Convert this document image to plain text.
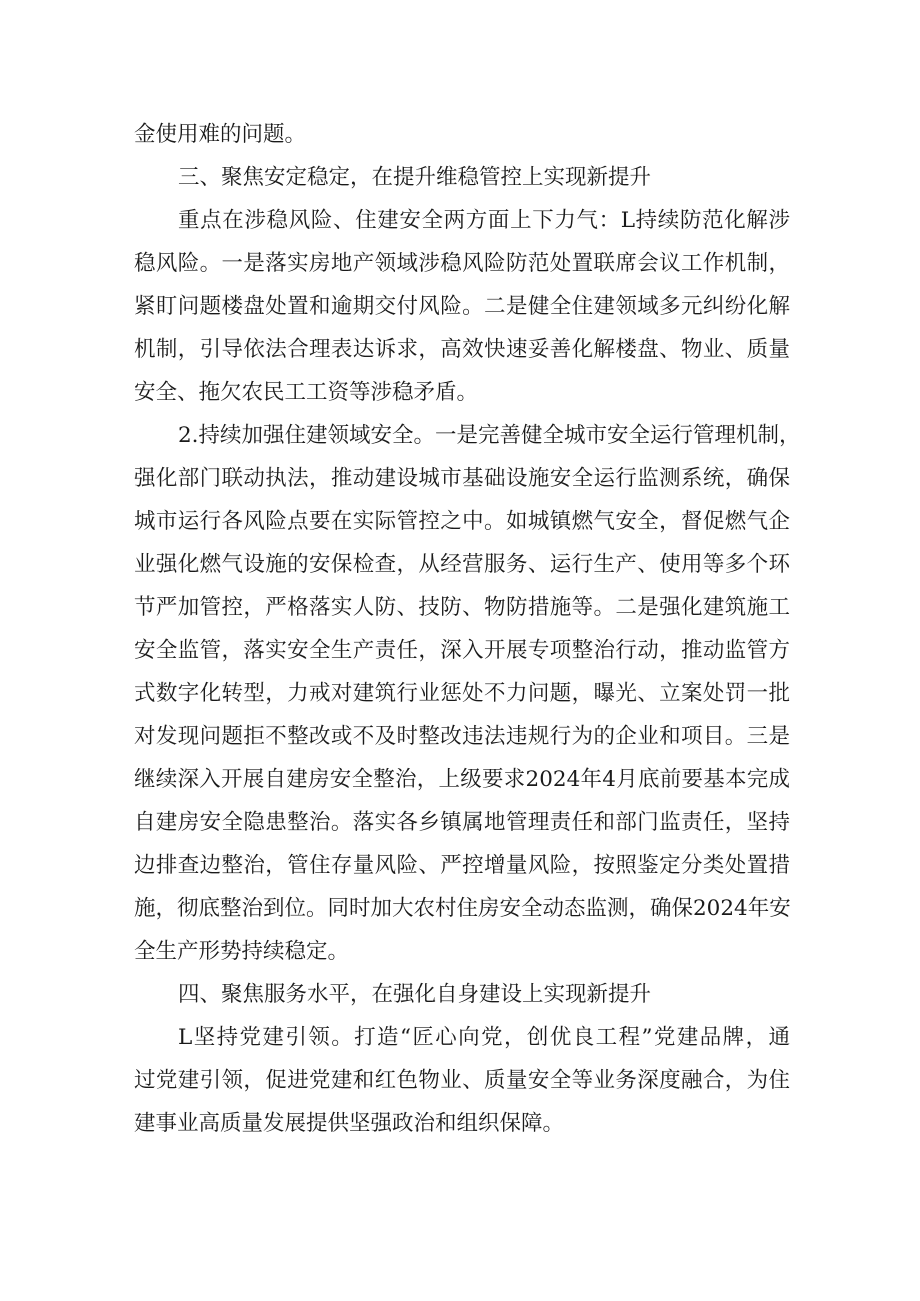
金使用难的问题。
三、聚焦安定稳定，在提升维稳管控上实现新提升
重点在涉稳风险、住建安全两方面上下力气：L持续防范化解涉
稳风险。一是落实房地产领域涉稳风险防范处置联席会议工作机制，
紧盯问题楼盘处置和逾期交付风险。二是健全住建领域多元纠纷化解
机制，引导依法合理表达诉求，高效快速妥善化解楼盘、物业、质量
安全、拖欠农民工工资等涉稳矛盾。
2.持续加强住建领域安全。一是完善健全城市安全运行管理机制，
强化部门联动执法，推动建设城市基础设施安全运行监测系统，确保
城市运行各风险点要在实际管控之中。如城镇燃气安全，督促燃气企
业强化燃气设施的安保检查，从经营服务、运行生产、使用等多个环
节严加管控，严格落实人防、技防、物防措施等。二是强化建筑施工
安全监管，落实安全生产责任，深入开展专项整治行动，推动监管方
式数字化转型，力戒对建筑行业惩处不力问题，曝光、立案处罚一批
对发现问题拒不整改或不及时整改违法违规行为的企业和项目。三是
继续深入开展自建房安全整治，上级要求2024年4月底前要基本完成
自建房安全隐患整治。落实各乡镇属地管理责任和部门监责任，坚持
边排查边整治，管住存量风险、严控增量风险，按照鉴定分类处置措
施，彻底整治到位。同时加大农村住房安全动态监测，确保2024年安
全生产形势持续稳定。
四、聚焦服务水平，在强化自身建设上实现新提升
L坚持党建引领。打造“匠心向党，创优良工程”党建品牌，通
过党建引领，促进党建和红色物业、质量安全等业务深度融合，为住
建事业高质量发展提供坚强政治和组织保障。
